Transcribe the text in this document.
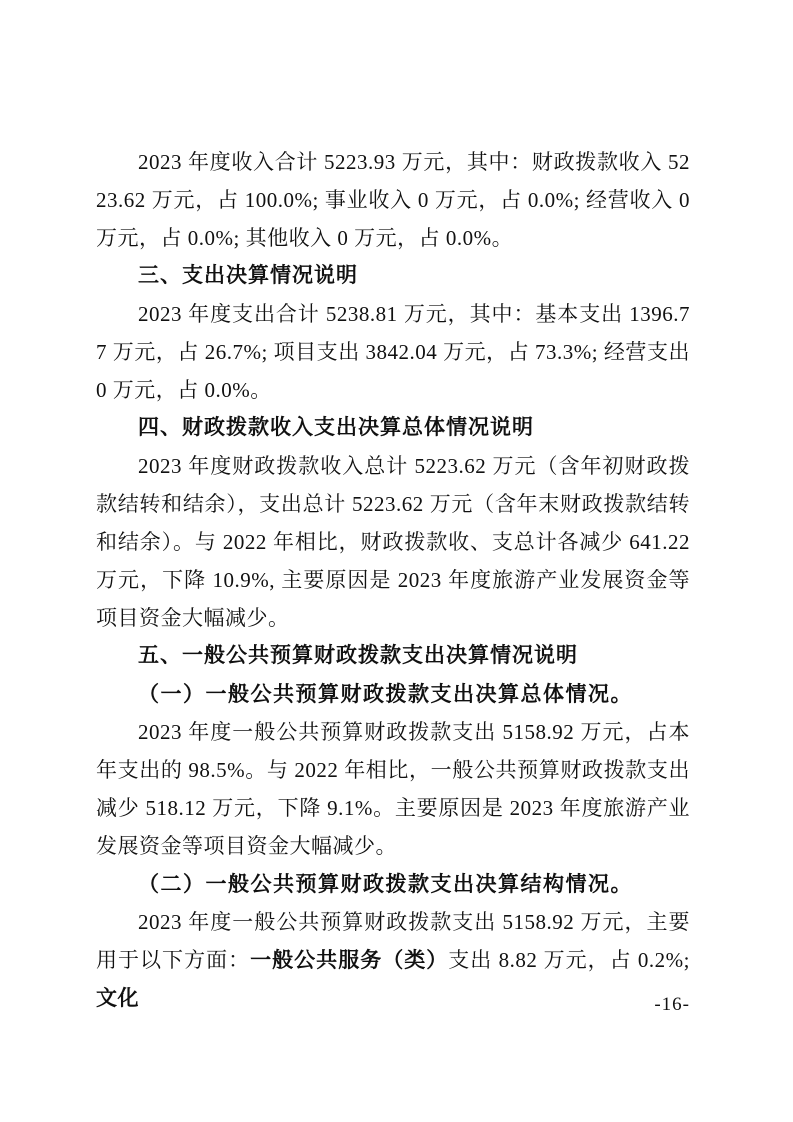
2023 年度收入合计 5223.93 万元，其中：财政拨款收入 5223.62 万元，占 100.0%; 事业收入 0 万元，占 0.0%; 经营收入 0 万元，占 0.0%; 其他收入 0 万元，占 0.0%。

三、支出决算情况说明

2023 年度支出合计 5238.81 万元，其中：基本支出 1396.77 万元，占 26.7%; 项目支出 3842.04 万元，占 73.3%; 经营支出 0 万元，占 0.0%。

四、财政拨款收入支出决算总体情况说明

2023 年度财政拨款收入总计 5223.62 万元（含年初财政拨款结转和结余），支出总计 5223.62 万元（含年末财政拨款结转和结余）。与 2022 年相比，财政拨款收、支总计各减少 641.22 万元，下降 10.9%, 主要原因是 2023 年度旅游产业发展资金等项目资金大幅减少。

五、一般公共预算财政拨款支出决算情况说明

（一）一般公共预算财政拨款支出决算总体情况。

2023 年度一般公共预算财政拨款支出 5158.92 万元，占本年支出的 98.5%。与 2022 年相比，一般公共预算财政拨款支出减少 518.12 万元，下降 9.1%。主要原因是 2023 年度旅游产业发展资金等项目资金大幅减少。

（二）一般公共预算财政拨款支出决算结构情况。

2023 年度一般公共预算财政拨款支出 5158.92 万元，主要用于以下方面：一般公共服务（类）支出 8.82 万元，占 0.2%;文化	-16-
